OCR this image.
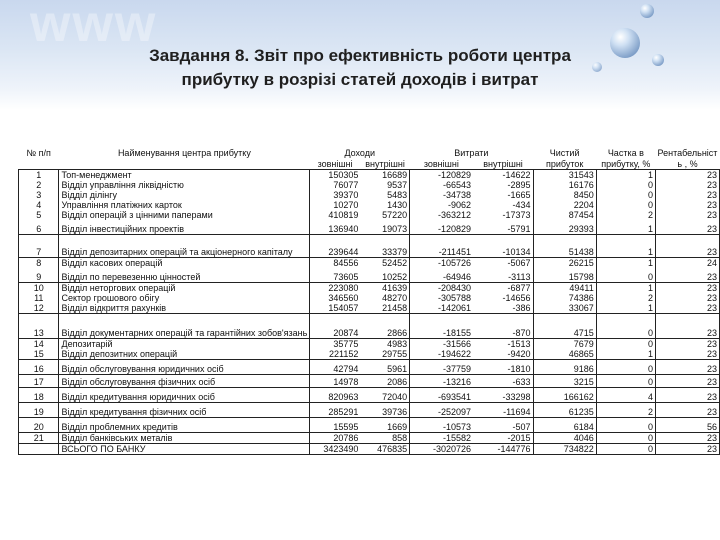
www
Завдання 8. Звіт про ефективність роботи центра
прибутку в розрізі статей доходів і витрат
№ п/п	Найменування центра прибутку	Доходи		Витрати		Чистий	Частка в	Рентабельніст
		зовнішні	внутрішні	зовнішні	внутрішні	прибуток	прибутку, %	ь , %
1	Топ-менеджмент	150305	16689	-120829	-14622	31543	1	23
2	Відділ управління ліквідністю	76077	9537	-66543	-2895	16176	0	23
3	Відділ ділінгу	39370	5483	-34738	-1665	8450	0	23
4	Управління платіжних карток	10270	1430	-9062	-434	2204	0	23
5	Відділ операцій з цінними паперами	410819	57220	-363212	-17373	87454	2	23
6	Відділ інвестиційних проектів	136940	19073	-120829	-5791	29393	1	23
7	Відділ депозитарних операцій та акціонерного капіталу	239644	33379	-211451	-10134	51438	1	23
8	Відділ касових операцій	84556	52452	-105726	-5067	26215	1	24
9	Відділ по перевезенню цінностей	73605	10252	-64946	-3113	15798	0	23
10	Відділ неторгових операцій	223080	41639	-208430	-6877	49411	1	23
11	Сектор грошового обігу	346560	48270	-305788	-14656	74386	2	23
12	Відділ відкриття рахунків	154057	21458	-142061	-386	33067	1	23
13	Відділ документарних операцій та гарантійних зобов'язань	20874	2866	-18155	-870	4715	0	23
14	Депозитарій	35775	4983	-31566	-1513	7679	0	23
15	Відділ депозитних операцій	221152	29755	-194622	-9420	46865	1	23
16	Відділ обслуговування юридичних осіб	42794	5961	-37759	-1810	9186	0	23
17	Відділ обслуговування фізичних осіб	14978	2086	-13216	-633	3215	0	23
18	Відділ кредитування юридичних осіб	820963	72040	-693541	-33298	166162	4	23
19	Відділ кредитування фізичних осіб	285291	39736	-252097	-11694	61235	2	23
20	Відділ проблемних кредитів	15595	1669	-10573	-507	6184	0	56
21	Відділ банківських металів	20786	858	-15582	-2015	4046	0	23
	ВСЬОГО ПО БАНКУ	3423490	476835	-3020726	-144776	734822	0	23
